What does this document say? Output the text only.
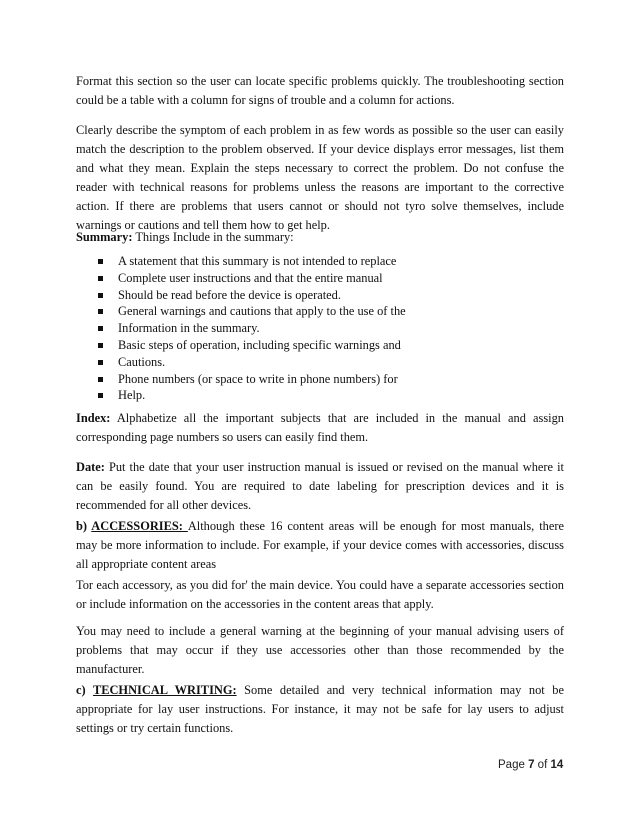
Format this section so the user can locate specific problems quickly. The troubleshooting section could be a table with a column for signs of trouble and a column for actions.

Clearly describe the symptom of each problem in as few words as possible so the user can easily match the description to the problem observed. If your device displays error messages, list them and what they mean. Explain the steps necessary to correct the problem. Do not confuse the reader with technical reasons for problems unless the reasons are important to the corrective action. If there are problems that users cannot or should not tyro solve themselves, include warnings or cautions and tell them how to get help.

Summary: Things Include in the summary:

A statement that this summary is not intended to replace
Complete user instructions and that the entire manual
Should be read before the device is operated.
General warnings and cautions that apply to the use of the
Information in the summary.
Basic steps of operation, including specific warnings and
Cautions.
Phone numbers (or space to write in phone numbers) for
Help.

Index: Alphabetize all the important subjects that are included in the manual and assign corresponding page numbers so users can easily find them.

Date: Put the date that your user instruction manual is issued or revised on the manual where it can be easily found. You are required to date labeling for prescription devices and it is recommended for all other devices.

b) ACCESSORIES: Although these 16 content areas will be enough for most manuals, there may be more information to include. For example, if your device comes with accessories, discuss all appropriate content areas

Tor each accessory, as you did for' the main device. You could have a separate accessories section or include information on the accessories in the content areas that apply.

You may need to include a general warning at the beginning of your manual advising users of problems that may occur if they use accessories other than those recommended by the manufacturer.

c) TECHNICAL WRITING: Some detailed and very technical information may not be appropriate for lay user instructions. For instance, it may not be safe for lay users to adjust settings or try certain functions.

Page 7 of 14
